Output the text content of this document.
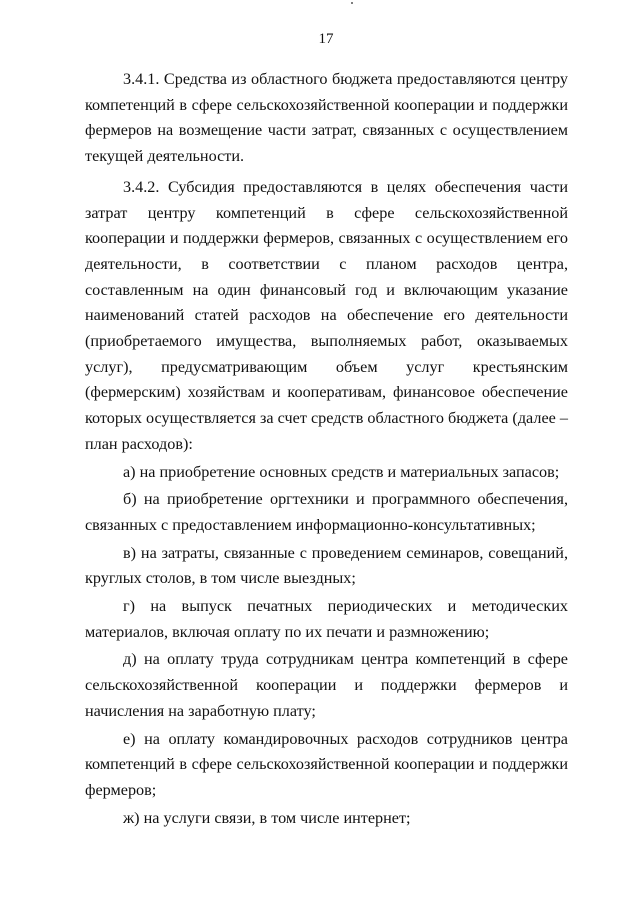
17

3.4.1. Средства из областного бюджета предоставляются центру компетенций в сфере сельскохозяйственной кооперации и поддержки фермеров на возмещение части затрат, связанных с осуществлением текущей деятельности.

3.4.2. Субсидия предоставляются в целях обеспечения части затрат центру компетенций в сфере сельскохозяйственной кооперации и поддержки фермеров, связанных с осуществлением его деятельности, в соответствии с планом расходов центра, составленным на один финансовый год и включающим указание наименований статей расходов на обеспечение его деятельности (приобретаемого имущества, выполняемых работ, оказываемых услуг), предусматривающим объем услуг крестьянским (фермерским) хозяйствам и кооперативам, финансовое обеспечение которых осуществляется за счет средств областного бюджета (далее – план расходов):

а) на приобретение основных средств и материальных запасов;

б) на приобретение оргтехники и программного обеспечения, связанных с предоставлением информационно-консультативных;

в) на затраты, связанные с проведением семинаров, совещаний, круглых столов, в том числе выездных;

г) на выпуск печатных периодических и методических материалов, включая оплату по их печати и размножению;

д) на оплату труда сотрудникам центра компетенций в сфере сельскохозяйственной кооперации и поддержки фермеров и начисления на заработную плату;

е) на оплату командировочных расходов сотрудников центра компетенций в сфере сельскохозяйственной кооперации и поддержки фермеров;

ж) на услуги связи, в том числе интернет;
